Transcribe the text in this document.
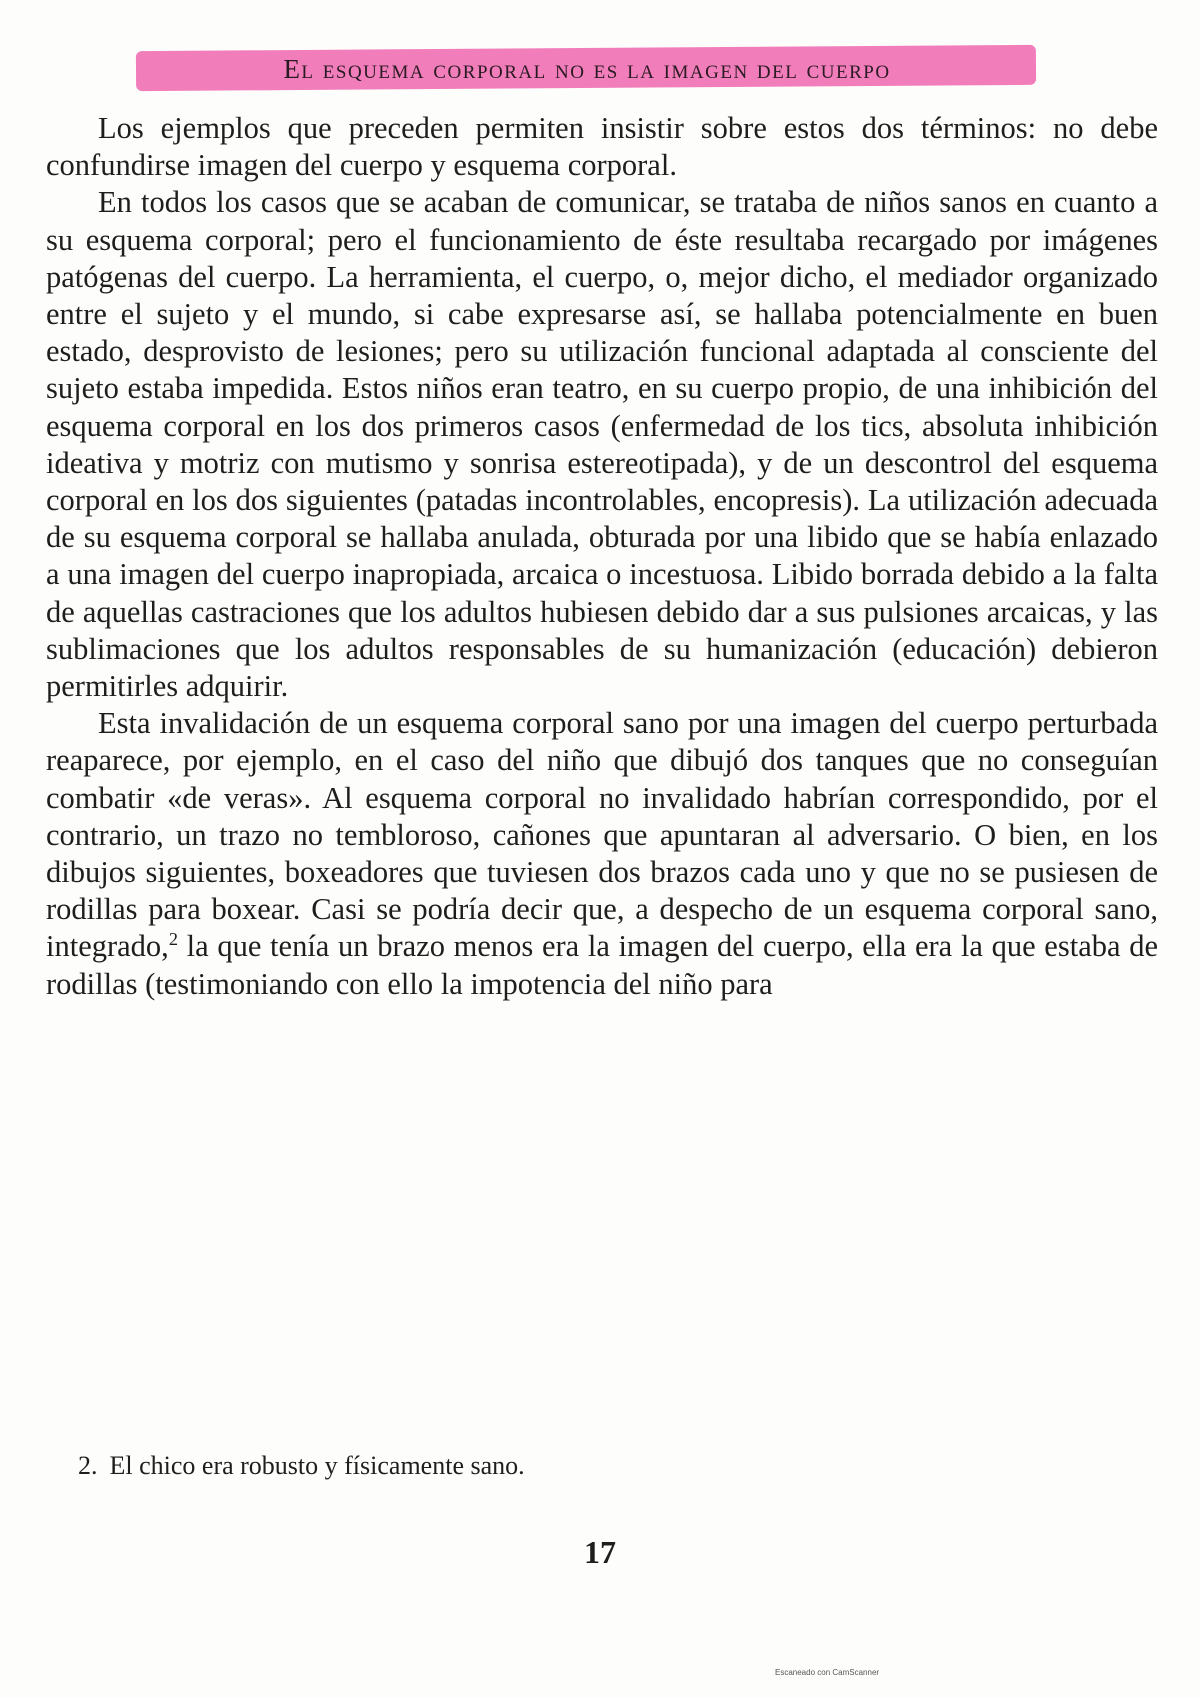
El esquema corporal no es la imagen del cuerpo

Los ejemplos que preceden permiten insistir sobre estos dos términos: no debe confundirse imagen del cuerpo y esquema corporal.

En todos los casos que se acaban de comunicar, se trataba de niños sanos en cuanto a su esquema corporal; pero el funcionamiento de éste resultaba recargado por imágenes patógenas del cuerpo. La herramienta, el cuerpo, o, mejor dicho, el mediador organizado entre el sujeto y el mundo, si cabe expresarse así, se hallaba potencialmente en buen estado, desprovisto de lesiones; pero su utilización funcional adaptada al consciente del sujeto estaba impedida. Estos niños eran teatro, en su cuerpo propio, de una inhibición del esquema corporal en los dos primeros casos (enfermedad de los tics, absoluta inhibición ideativa y motriz con mutismo y sonrisa estereotipada), y de un descontrol del esquema corporal en los dos siguientes (patadas incontrolables, encopresis). La utilización adecuada de su esquema corporal se hallaba anulada, obturada por una libido que se había enlazado a una imagen del cuerpo inapropiada, arcaica o incestuosa. Libido borrada debido a la falta de aquellas castraciones que los adultos hubiesen debido dar a sus pulsiones arcaicas, y las sublimaciones que los adultos responsables de su humanización (educación) debieron permitirles adquirir.

Esta invalidación de un esquema corporal sano por una imagen del cuerpo perturbada reaparece, por ejemplo, en el caso del niño que dibujó dos tanques que no conseguían combatir «de veras». Al esquema corporal no invalidado habrían correspondido, por el contrario, un trazo no tembloroso, cañones que apuntaran al adversario. O bien, en los dibujos siguientes, boxeadores que tuviesen dos brazos cada uno y que no se pusiesen de rodillas para boxear. Casi se podría decir que, a despecho de un esquema corporal sano, integrado,$^2$ la que tenía un brazo menos era la imagen del cuerpo, ella era la que estaba de rodillas (testimoniando con ello la impotencia del niño para

2. El chico era robusto y físicamente sano.
17
Escaneado con CamScanner
